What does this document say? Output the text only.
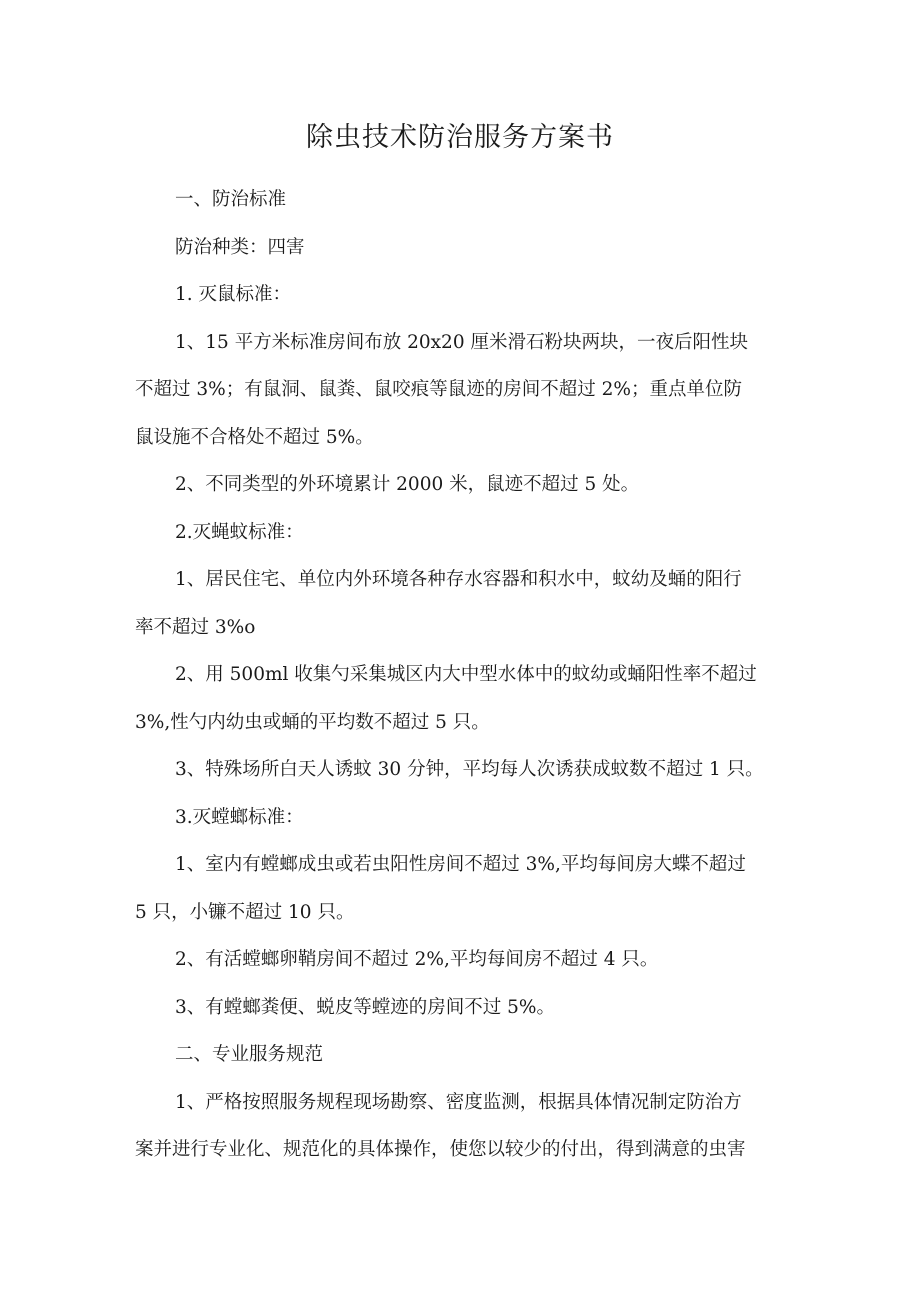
除虫技术防治服务方案书
一、防治标准
防治种类：四害
1. 灭鼠标准：
1、15 平方米标准房间布放 20x20 厘米滑石粉块两块，一夜后阳性块
不超过 3%；有鼠洞、鼠粪、鼠咬痕等鼠迹的房间不超过 2%；重点单位防
鼠设施不合格处不超过 5%。
2、不同类型的外环境累计 2000 米，鼠迹不超过 5 处。
2.灭蝇蚊标准：
1、居民住宅、单位内外环境各种存水容器和积水中，蚊幼及蛹的阳行
率不超过 3%o
2、用 500ml 收集勺采集城区内大中型水体中的蚊幼或蛹阳性率不超过
3%,性勺内幼虫或蛹的平均数不超过 5 只。
3、特殊场所白天人诱蚊 30 分钟，平均每人次诱获成蚊数不超过 1 只。
3.灭螳螂标准：
1、室内有螳螂成虫或若虫阳性房间不超过 3%,平均每间房大蝶不超过
5 只，小镰不超过 10 只。
2、有活螳螂卵鞘房间不超过 2%,平均每间房不超过 4 只。
3、有螳螂粪便、蜕皮等螳迹的房间不过 5%。
二、专业服务规范
1、严格按照服务规程现场勘察、密度监测，根据具体情况制定防治方
案并进行专业化、规范化的具体操作，使您以较少的付出，得到满意的虫害
